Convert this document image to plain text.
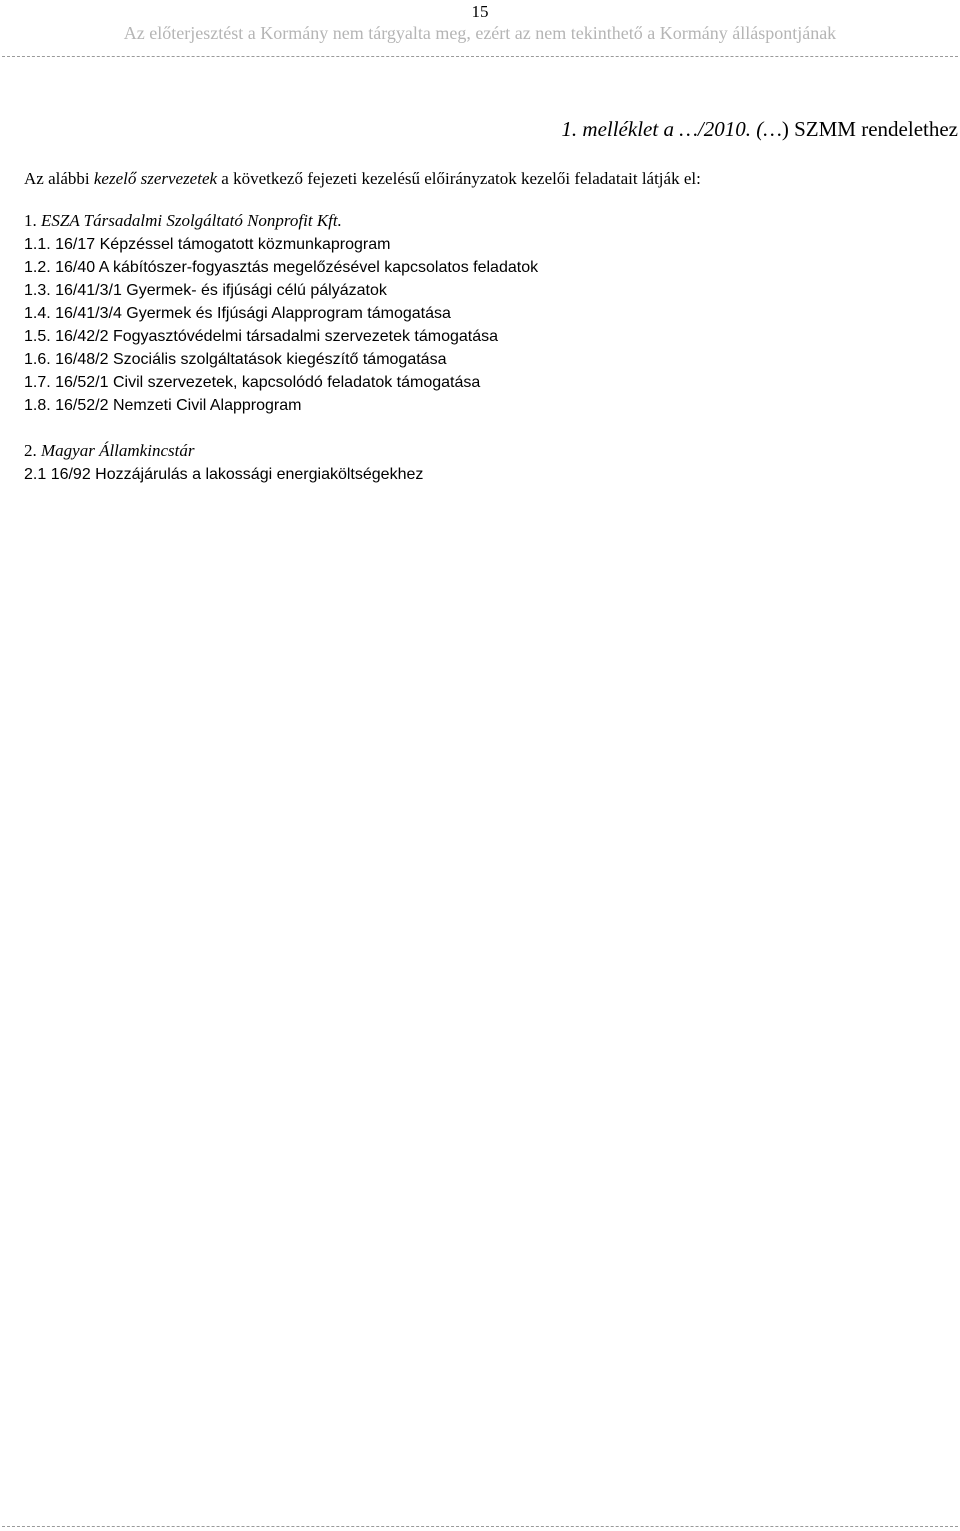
15
Az előterjesztést a Kormány nem tárgyalta meg, ezért az nem tekinthető a Kormány álláspontjának
1. melléklet a …/2010. (…) SZMM rendelethez
Az alábbi kezelő szervezetek a következő fejezeti kezelésű előirányzatok kezelői feladatait látják el:
1. ESZA Társadalmi Szolgáltató Nonprofit Kft.
1.1. 16/17 Képzéssel támogatott közmunkaprogram
1.2. 16/40 A kábítószer-fogyasztás megelőzésével kapcsolatos feladatok
1.3. 16/41/3/1 Gyermek- és ifjúsági célú pályázatok
1.4. 16/41/3/4 Gyermek és Ifjúsági Alapprogram támogatása
1.5. 16/42/2 Fogyasztóvédelmi társadalmi szervezetek támogatása
1.6. 16/48/2 Szociális szolgáltatások kiegészítő támogatása
1.7. 16/52/1 Civil szervezetek, kapcsolódó feladatok támogatása
1.8. 16/52/2 Nemzeti Civil Alapprogram
2. Magyar Államkincstár
2.1 16/92 Hozzájárulás a lakossági energiaköltségekhez
